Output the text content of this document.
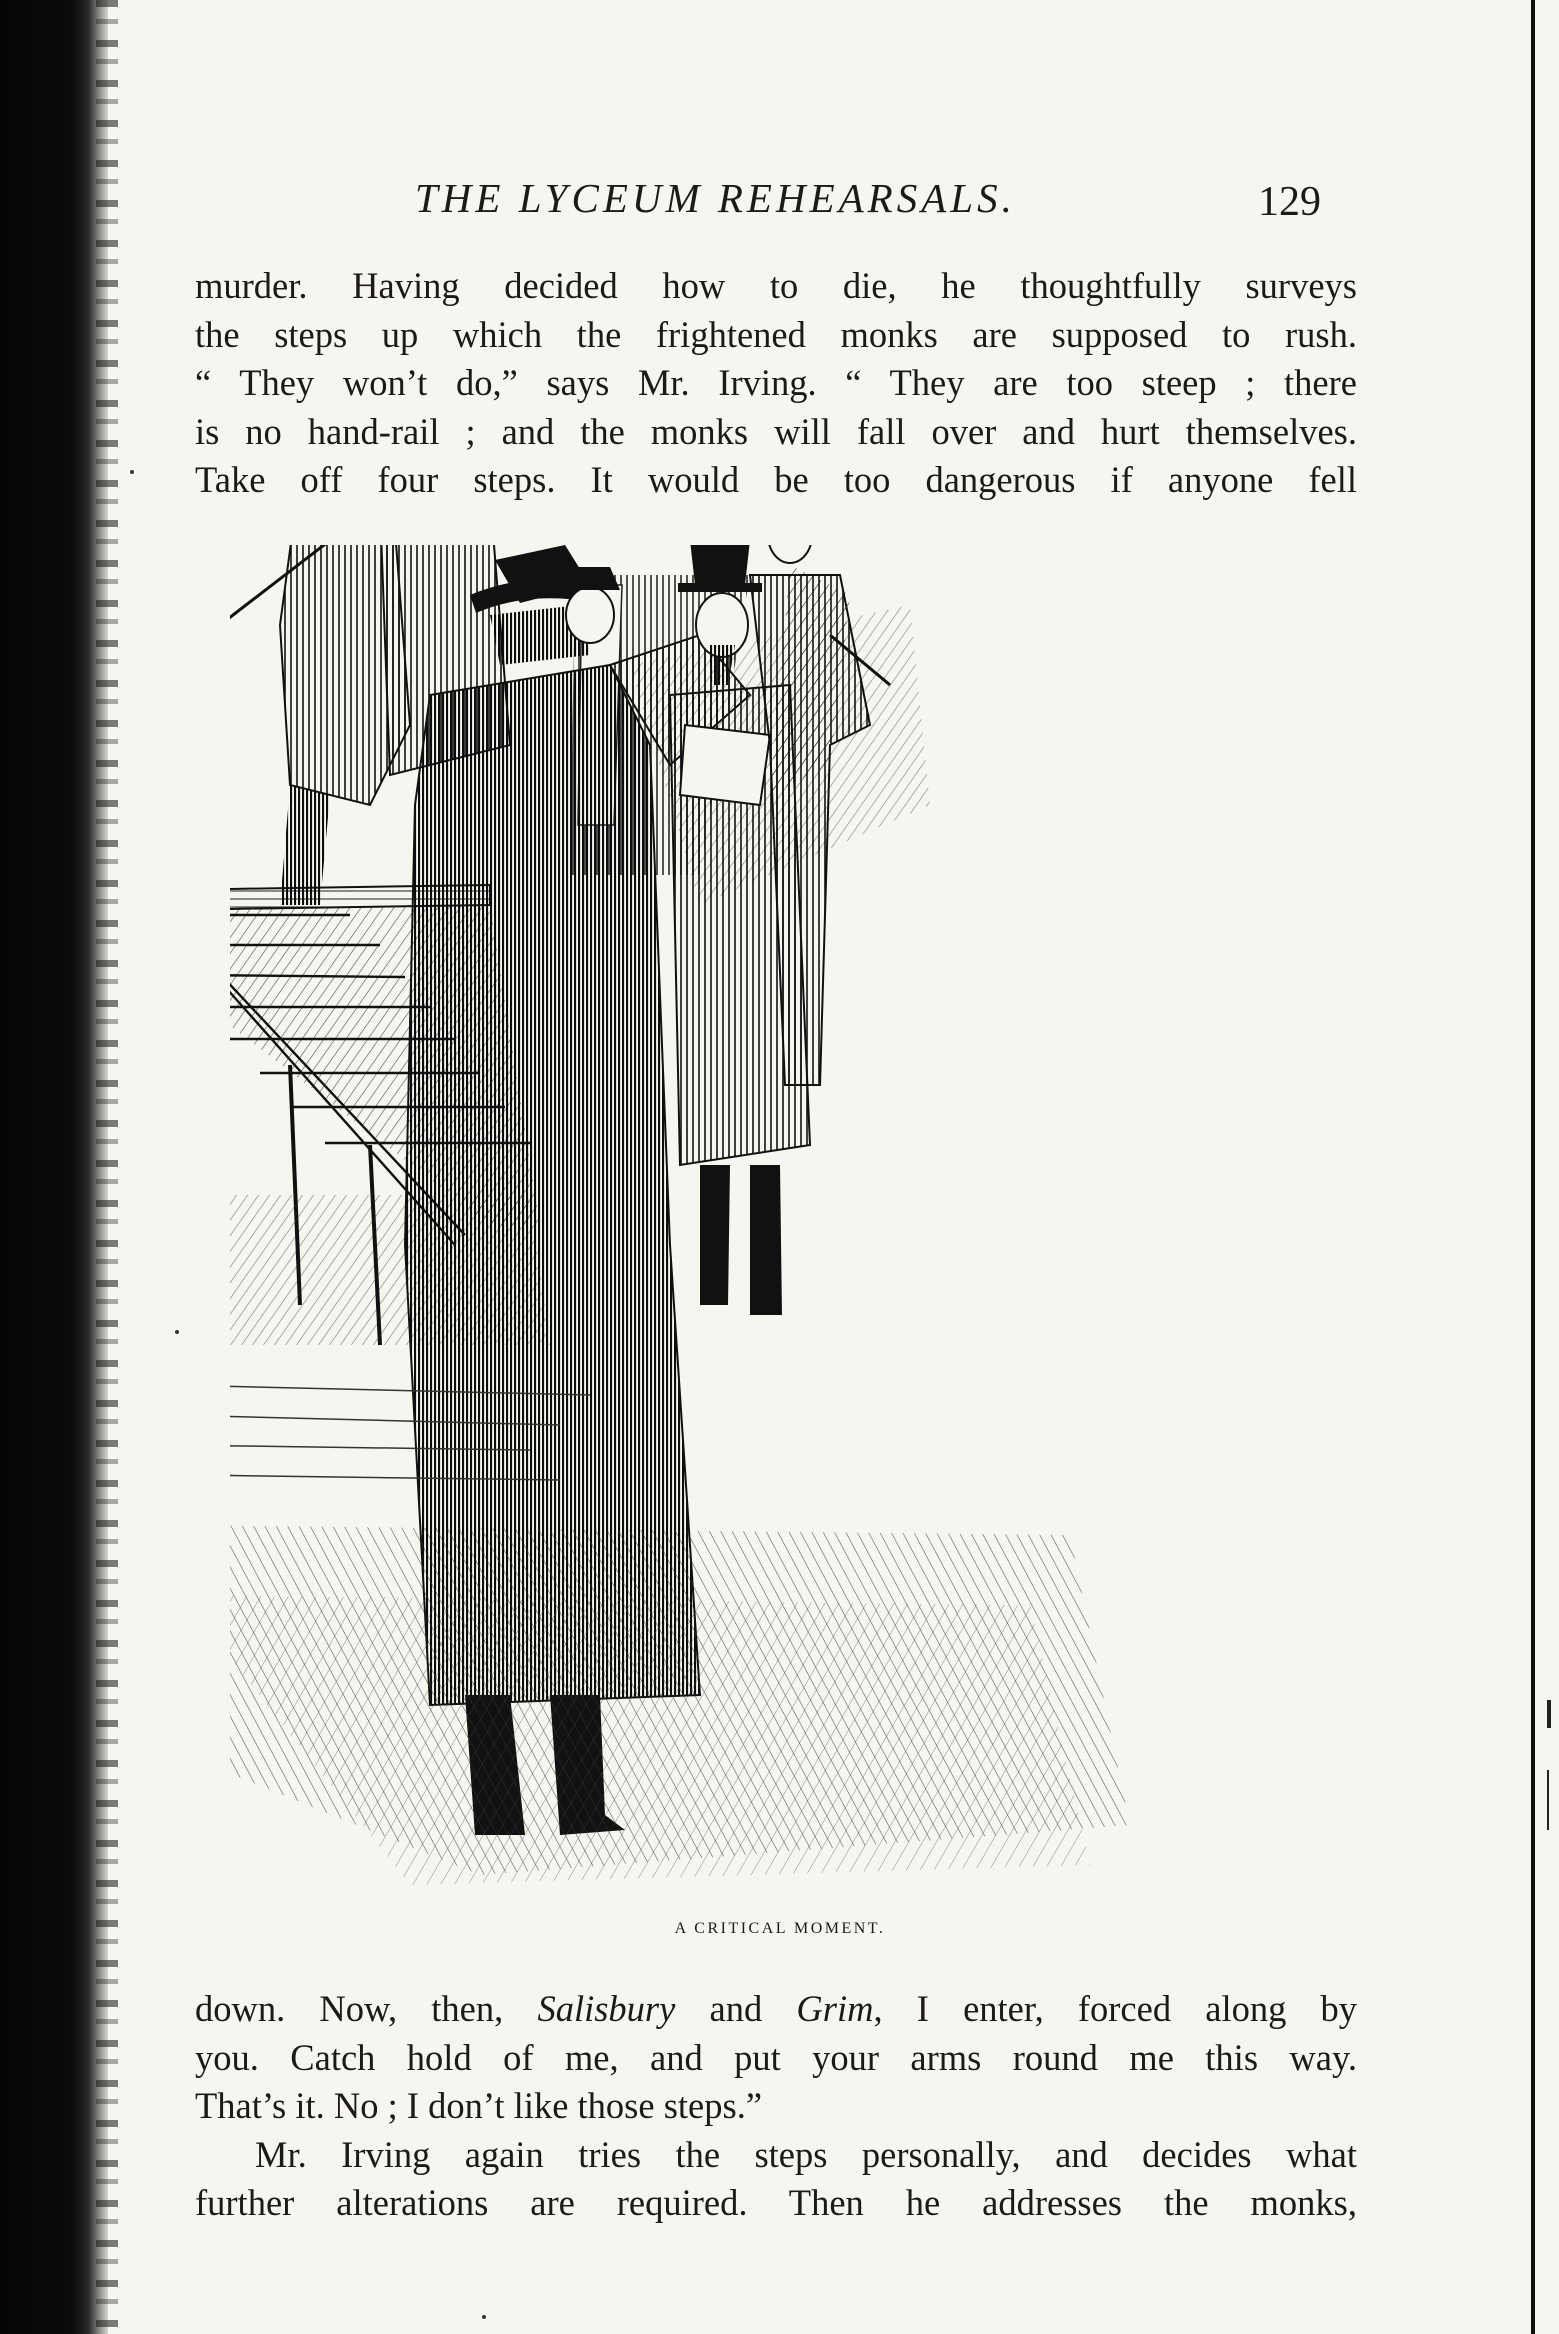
THE LYCEUM REHEARSALS.	129
murder. Having decided how to die, he thoughtfully surveys
the steps up which the frightened monks are supposed to rush.
“ They won’t do,” says Mr. Irving. “ They are too steep ; there
is no hand-rail ; and the monks will fall over and hurt themselves.
Take off four steps. It would be too dangerous if anyone fell
A CRITICAL MOMENT.
down. Now, then, Salisbury and Grim, I enter, forced along by
you. Catch hold of me, and put your arms round me this way.
That’s it. No ; I don’t like those steps.”
Mr. Irving again tries the steps personally, and decides what
further alterations are required. Then he addresses the monks,
